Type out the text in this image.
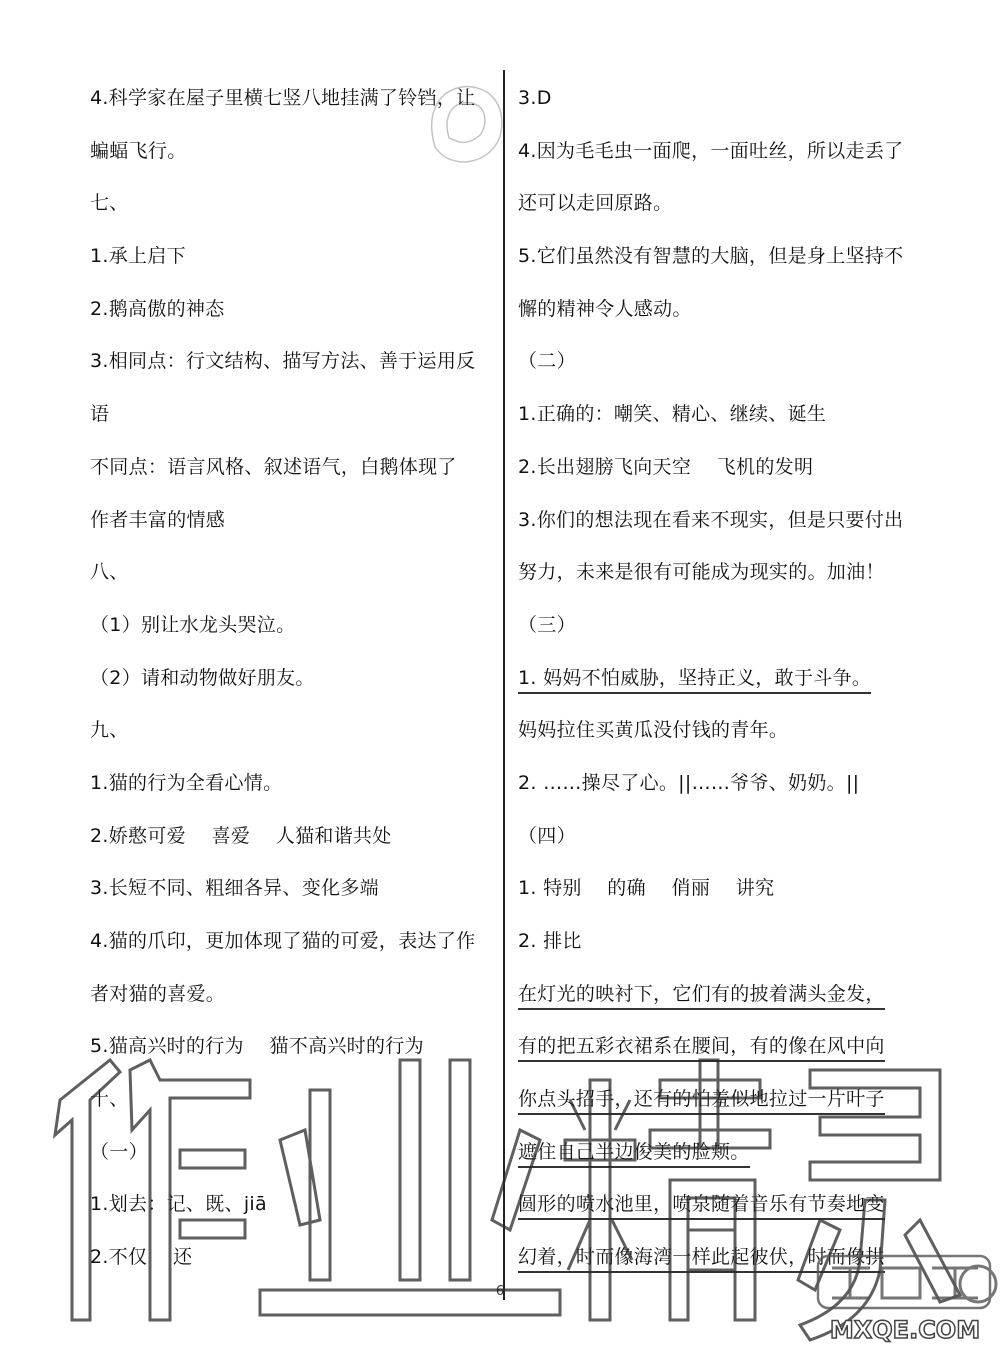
4.科学家在屋子里横七竖八地挂满了铃铛，让
蝙蝠飞行。
七、
1.承上启下
2.鹅高傲的神态
3.相同点：行文结构、描写方法、善于运用反
语
不同点：语言风格、叙述语气，白鹅体现了
作者丰富的情感
八、
（1）别让水龙头哭泣。
（2）请和动物做好朋友。
九、
1.猫的行为全看心情。
2.娇憨可爱　 喜爱　 人猫和谐共处
3.长短不同、粗细各异、变化多端
4.猫的爪印，更加体现了猫的可爱，表达了作
者对猫的喜爱。
5.猫高兴时的行为　 猫不高兴时的行为
十、
（一）
1.划去：记、既、jiā
2.不仅　 还
3.D
4.因为毛毛虫一面爬，一面吐丝，所以走丢了
还可以走回原路。
5.它们虽然没有智慧的大脑，但是身上坚持不
懈的精神令人感动。
（二）
1.正确的：嘲笑、精心、继续、诞生
2.长出翅膀飞向天空　 飞机的发明
3.你们的想法现在看来不现实，但是只要付出
努力，未来是很有可能成为现实的。加油！
（三）
1. 妈妈不怕威胁，坚持正义，敢于斗争。
妈妈拉住买黄瓜没付钱的青年。
2. ……操尽了心。||……爷爷、奶奶。||
（四）
1. 特别　 的确　 俏丽　 讲究
2. 排比
在灯光的映衬下，它们有的披着满头金发，
有的把五彩衣裙系在腰间，有的像在风中向
你点头招手，还有的怕羞似地拉过一片叶子
遮住自己半边俊美的脸颊。
圆形的喷水池里，喷泉随着音乐有节奏地变
幻着，时而像海湾一样此起彼伏，时而像拱
6
MXQE.COM
